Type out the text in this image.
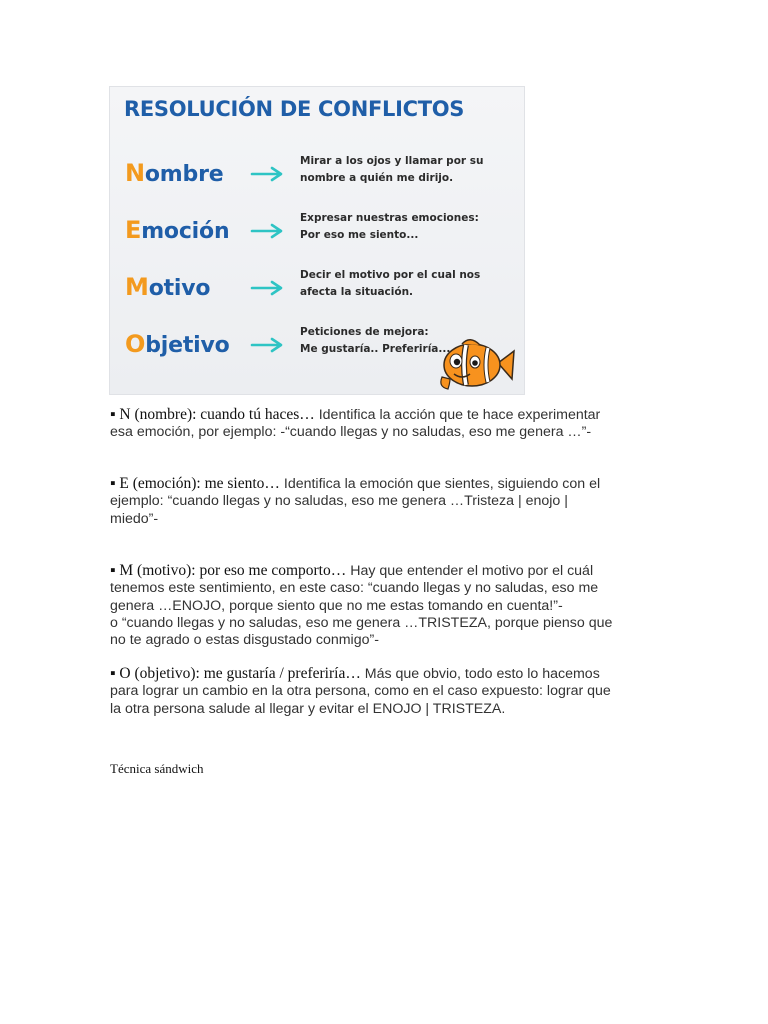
RESOLUCIÓN DE CONFLICTOS
Nombre
Mirar a los ojos y llamar por su
nombre a quién me dirijo.
Emoción
Expresar nuestras emociones:
Por eso me siento...
Motivo
Decir el motivo por el cual nos
afecta la situación.
Objetivo
Peticiones de mejora:
Me gustaría.. Preferiría...
▪ N (nombre): cuando tú haces… Identifica la acción que te hace experimentar
esa emoción, por ejemplo: -“cuando llegas y no saludas, eso me genera …”-
▪ E (emoción): me siento… Identifica la emoción que sientes, siguiendo con el
ejemplo: “cuando llegas y no saludas, eso me genera …Tristeza | enojo |
miedo”-
▪ M (motivo): por eso me comporto… Hay que entender el motivo por el cuál
tenemos este sentimiento, en este caso: “cuando llegas y no saludas, eso me
genera …ENOJO, porque siento que no me estas tomando en cuenta!”-
o “cuando llegas y no saludas, eso me genera …TRISTEZA, porque pienso que
no te agrado o estas disgustado conmigo”-
▪ O (objetivo): me gustaría / preferiría… Más que obvio, todo esto lo hacemos
para lograr un cambio en la otra persona, como en el caso expuesto: lograr que
la otra persona salude al llegar y evitar el ENOJO | TRISTEZA.
Técnica sándwich
